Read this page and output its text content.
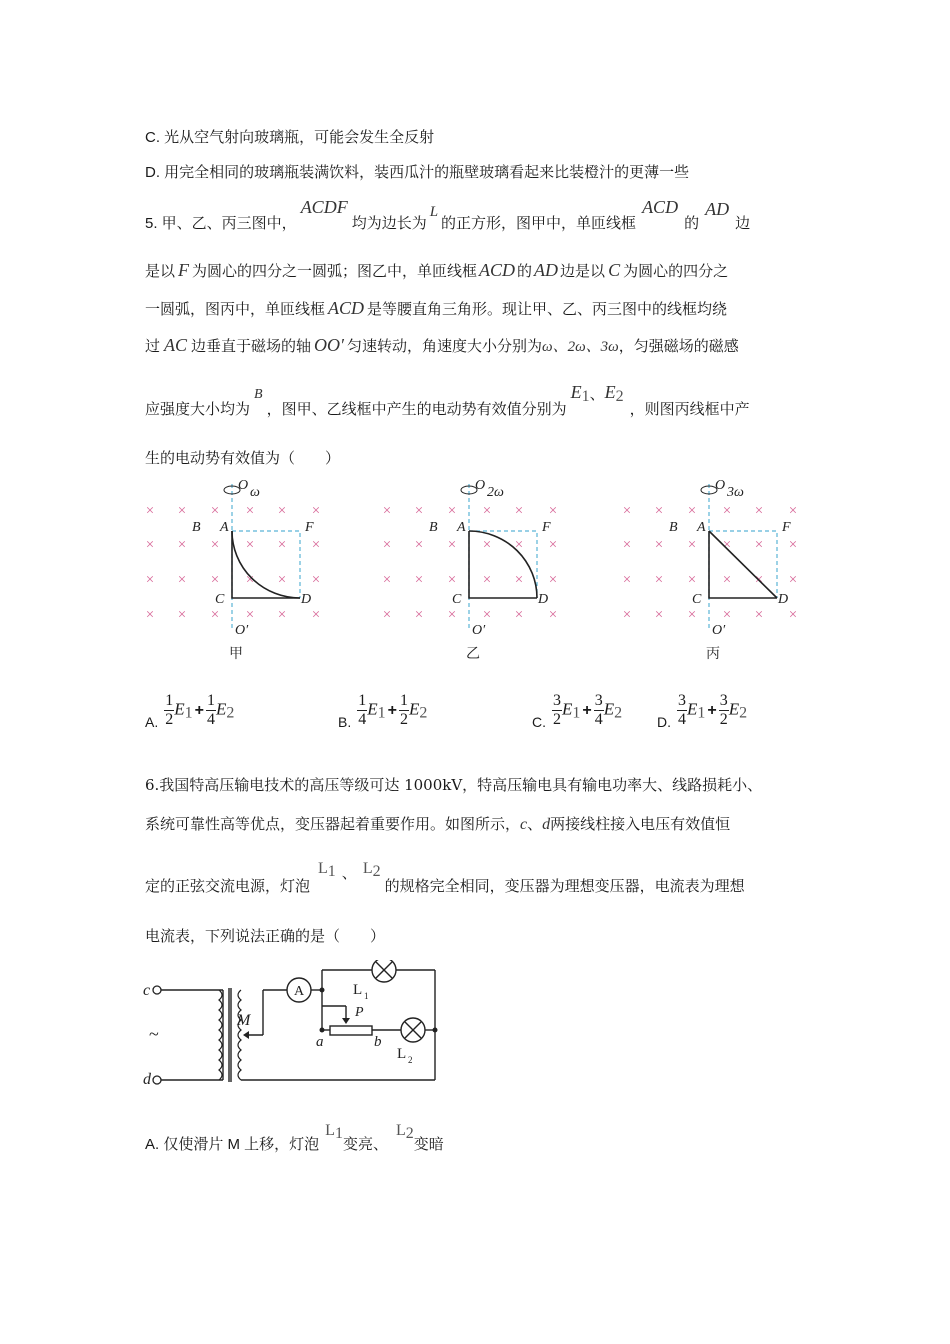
C. 光从空气射向玻璃瓶，可能会发生全反射
D. 用完全相同的玻璃瓶装满饮料，装西瓜汁的瓶壁玻璃看起来比装橙汁的更薄一些
5. 甲、乙、丙三图中，ACDF均为边长为L的正方形，图甲中，单匝线框ACD的AD边
是以 F 为圆心的四分之一圆弧；图乙中，单匝线框 ACD 的 AD 边是以 C 为圆心的四分之
一圆弧，图丙中，单匝线框 ACD 是等腰直角三角形。现让甲、乙、丙三图中的线框均绕
过 AC 边垂直于磁场的轴 OO′ 匀速转动，角速度大小分别为ω、2ω、3ω，匀强磁场的磁感
应强度大小均为B，图甲、乙线框中产生的电动势有效值分别为E1、E2，则图丙线框中产
生的电动势有效值为（　　）
×
×
×
×
×
×
×
×
×
×
×
×
×
×
×
×
×
×
×
×
×
×
×
×
O ω
B A	F
C	D
O′
甲
×
×
×
×
×
×
×
×
×
×
×
×
×
×
×
×
×
×
×
×
×
×
×
×
O 2ω
B A	F
C	D
O′
乙
×
×
×
×
×
×
×
×
×
×
×
×
×
×
×
×
×
×
×
×
×
×
×
×
O 3ω
B A	F
C	D
O′
丙
A. $\frac{1}{2} E1 + \frac{1}{4} E2$	B. $\frac{1}{4} E1 + \frac{1}{2} E2$	C. $\frac{3}{2} E1 + \frac{3}{4} E2$ D. $\frac{3}{4} E1 + \frac{3}{2} E2$
6.我国特高压输电技术的高压等级可达 1000kV，特高压输电具有输电功率大、线路损耗小、
系统可靠性高等优点，变压器起着重要作用。如图所示，c、d两接线柱接入电压有效值恒
定的正弦交流电源，灯泡L1 、 L2的规格完全相同，变压器为理想变压器，电流表为理想
电流表，下列说法正确的是（　　）
c
d
~
M
A	L 1
P
a	b
L 2
A. 仅使滑片 M 上移，灯泡L1变亮、L2变暗
